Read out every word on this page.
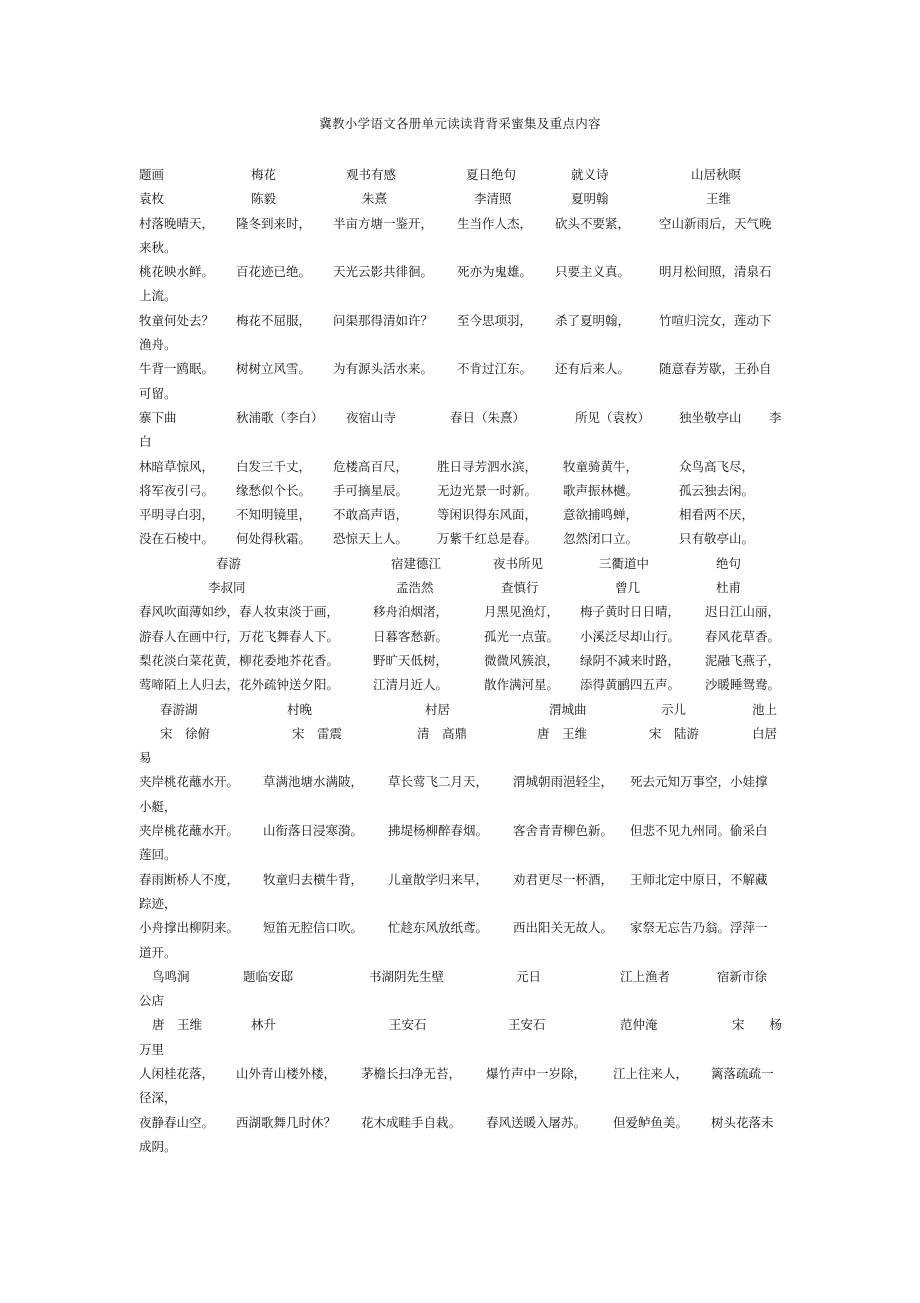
冀教小学语文各册单元读读背背采蜜集及重点内容
题画	梅花	观书有感	夏日绝句	就义诗	山居秋暝
袁枚	陈毅	朱熹	李清照	夏明翰	王维
村落晚晴天， 隆冬到来时， 半亩方塘一鉴开， 生当作人杰， 砍头不要紧， 空山新雨后，天气晚
来秋。
桃花映水鲜。 百花迹已绝。 天光云影共徘徊。 死亦为鬼雄。 只要主义真。 明月松间照，清泉石
上流。
牧童何处去？ 梅花不屈服， 问渠那得清如许？ 至今思项羽， 杀了夏明翰， 竹喧归浣女，莲动下
渔舟。
牛背一鸥眠。 树树立风雪。 为有源头活水来。 不肯过江东。 还有后来人。 随意春芳歇，王孙自
可留。
寨下曲	秋浦歌（李白） 夜宿山寺	春日（朱熹）	所见（袁枚） 独坐敬亭山 李
白
林暗草惊风， 白发三千丈， 危楼高百尺， 胜日寻芳泗水滨， 牧童骑黄牛，	众鸟高飞尽，
将军夜引弓。 缘愁似个长。 手可摘星辰。 无边光景一时新。 歌声振林樾。	孤云独去闲。
平明寻白羽， 不知明镜里， 不敢高声语， 等闲识得东风面， 意欲捕鸣蝉，	相看两不厌，
没在石棱中。 何处得秋霜。 恐惊天上人。 万紫千红总是春。 忽然闭口立。	只有敬亭山。
春游	宿建德江	夜书所见	三衢道中	绝句
李叔同	孟浩然	查慎行	曾几	杜甫
春风吹面薄如纱，春人妆束淡于画，	移舟泊烟渚，	月黑见渔灯， 梅子黄时日日晴， 迟日江山丽，
游春人在画中行，万花飞舞春人下。	日暮客愁新。	孤光一点萤。 小溪泛尽却山行。 春风花草香。
梨花淡白菜花黄，柳花委地芥花香。	野旷天低树，	微微风簇浪， 绿阴不减来时路， 泥融飞燕子，
莺啼陌上人归去，花外疏钟送夕阳。	江清月近人。	散作满河星。 添得黄鹂四五声。 沙暖睡鸳鸯。
春游湖	村晚	村居	渭城曲	示儿	池上
宋　徐俯	宋　雷震	清　高鼎	唐　王维	宋　陆游	白居
易
夹岸桃花蘸水开。 草满池塘水满陂， 草长莺飞二月天， 渭城朝雨浥轻尘， 死去元知万事空，小娃撑
小艇，
夹岸桃花蘸水开。 山衔落日浸寒漪。 拂堤杨柳醉春烟。 客舍青青柳色新。 但悲不见九州同。偷采白
莲回。
春雨断桥人不度， 牧童归去横牛背， 儿童散学归来早， 劝君更尽一杯酒， 王师北定中原日，不解藏
踪迹，
小舟撑出柳阴来。 短笛无腔信口吹。 忙趁东风放纸鸢。 西出阳关无故人。 家祭无忘告乃翁。浮萍一
道开。
鸟鸣涧	题临安邸	书湖阴先生壁	元日	江上渔者	宿新市徐
公店
唐　王维	林升	王安石	王安石	范仲淹	宋　　杨
万里
人闲桂花落， 山外青山楼外楼， 茅檐长扫净无苔， 爆竹声中一岁除， 江上往来人， 篱落疏疏一
径深，
夜静春山空。 西湖歌舞几时休？ 花木成畦手自栽。 春风送暖入屠苏。 但爱鲈鱼美。 树头花落未
成阴。
